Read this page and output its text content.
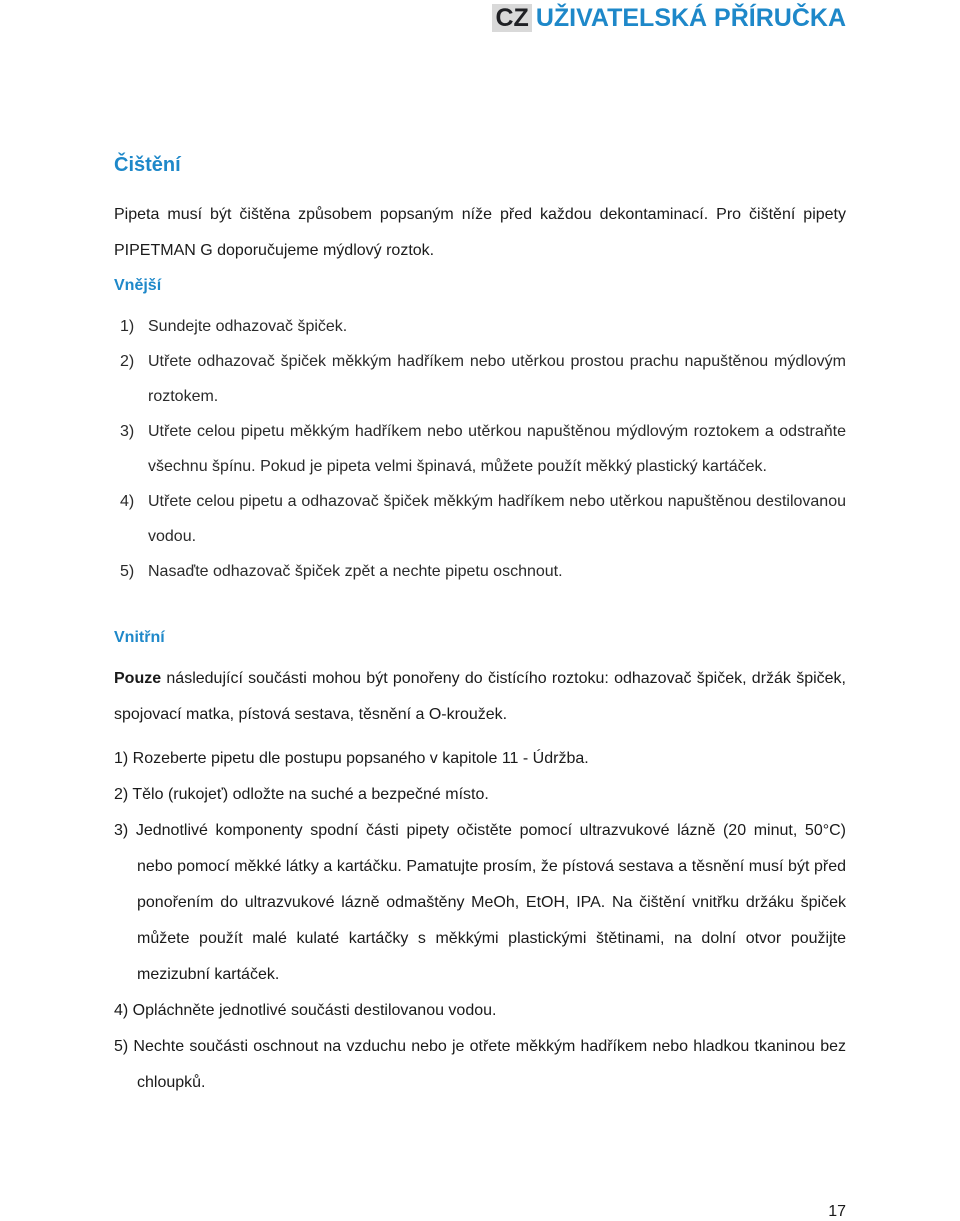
CZ UŽIVATELSKÁ PŘÍRUČKA
Čištění

Pipeta musí být čištěna způsobem popsaným níže před každou dekontaminací. Pro čištění pipety PIPETMAN G doporučujeme mýdlový roztok.

Vnější
1) Sundejte odhazovač špiček.
2) Utřete odhazovač špiček měkkým hadříkem nebo utěrkou prostou prachu napuštěnou mýdlovým roztokem.
3) Utřete celou pipetu měkkým hadříkem nebo utěrkou napuštěnou mýdlovým roztokem a odstraňte všechnu špínu. Pokud je pipeta velmi špinavá, můžete použít měkký plastický kartáček.
4) Utřete celou pipetu a odhazovač špiček měkkým hadříkem nebo utěrkou napuštěnou destilovanou vodou.
5) Nasaďte odhazovač špiček zpět a nechte pipetu oschnout.
Vnitřní

Pouze následující součásti mohou být ponořeny do čistícího roztoku: odhazovač špiček, držák špiček, spojovací matka, pístová sestava, těsnění a O-kroužek.

1) Rozeberte pipetu dle postupu popsaného v kapitole 11 - Údržba.

2) Tělo (rukojeť) odložte na suché a bezpečné místo.

3) Jednotlivé komponenty spodní části pipety očistěte pomocí ultrazvukové lázně (20 minut, 50°C) nebo pomocí měkké látky a kartáčku. Pamatujte prosím, že pístová sestava a těsnění musí být před ponořením do ultrazvukové lázně odmaštěny MeOh, EtOH, IPA. Na čištění vnitřku držáku špiček můžete použít malé kulaté kartáčky s měkkými plastickými štětinami, na dolní otvor použijte mezizubní kartáček.

4) Opláchněte jednotlivé součásti destilovanou vodou.

5) Nechte součásti oschnout na vzduchu nebo je otřete měkkým hadříkem nebo hladkou tkaninou bez chloupků.

17
